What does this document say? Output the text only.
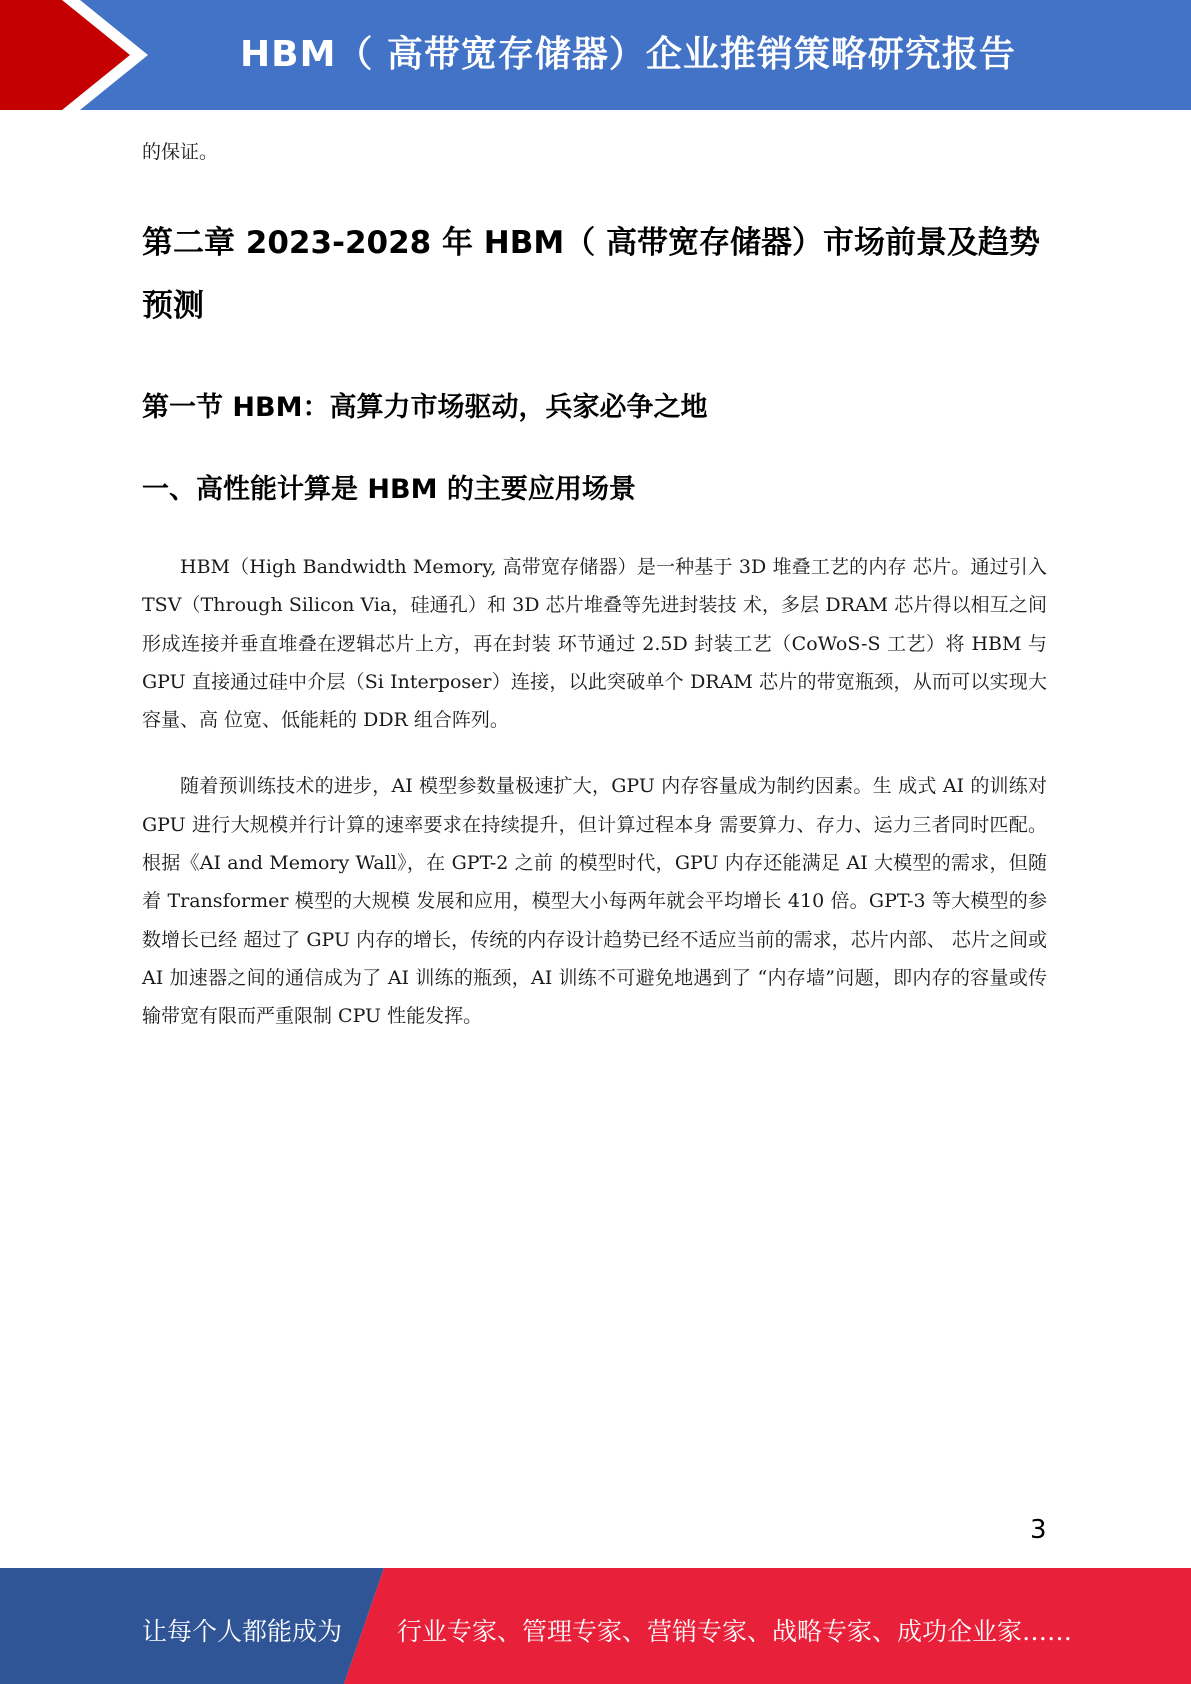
HBM（ 高带宽存储器）企业推销策略研究报告

的保证。

第二章 2023-2028 年 HBM（ 高带宽存储器）市场前景及趋势预测
第一节 HBM：高算力市场驱动，兵家必争之地
一、高性能计算是 HBM 的主要应用场景

HBM（High Bandwidth Memory, 高带宽存储器）是一种基于 3D 堆叠工艺的内存 芯片。通过引入 TSV（Through Silicon Via，硅通孔）和 3D 芯片堆叠等先进封装技 术，多层 DRAM 芯片得以相互之间形成连接并垂直堆叠在逻辑芯片上方，再在封装 环节通过 2.5D 封装工艺（CoWoS-S 工艺）将 HBM 与 GPU 直接通过硅中介层（Si Interposer）连接，以此突破单个 DRAM 芯片的带宽瓶颈，从而可以实现大容量、高 位宽、低能耗的 DDR 组合阵列。

随着预训练技术的进步，AI 模型参数量极速扩大，GPU 内存容量成为制约因素。生 成式 AI 的训练对 GPU 进行大规模并行计算的速率要求在持续提升，但计算过程本身 需要算力、存力、运力三者同时匹配。根据《AI and Memory Wall》，在 GPT-2 之前 的模型时代，GPU 内存还能满足 AI 大模型的需求，但随着 Transformer 模型的大规模 发展和应用，模型大小每两年就会平均增长 410 倍。GPT-3 等大模型的参数增长已经 超过了 GPU 内存的增长，传统的内存设计趋势已经不适应当前的需求，芯片内部、 芯片之间或 AI 加速器之间的通信成为了 AI 训练的瓶颈，AI 训练不可避免地遇到了 “内存墙”问题，即内存的容量或传输带宽有限而严重限制 CPU 性能发挥。

3
让每个人都能成为 行业专家、管理专家、营销专家、战略专家、成功企业家……
